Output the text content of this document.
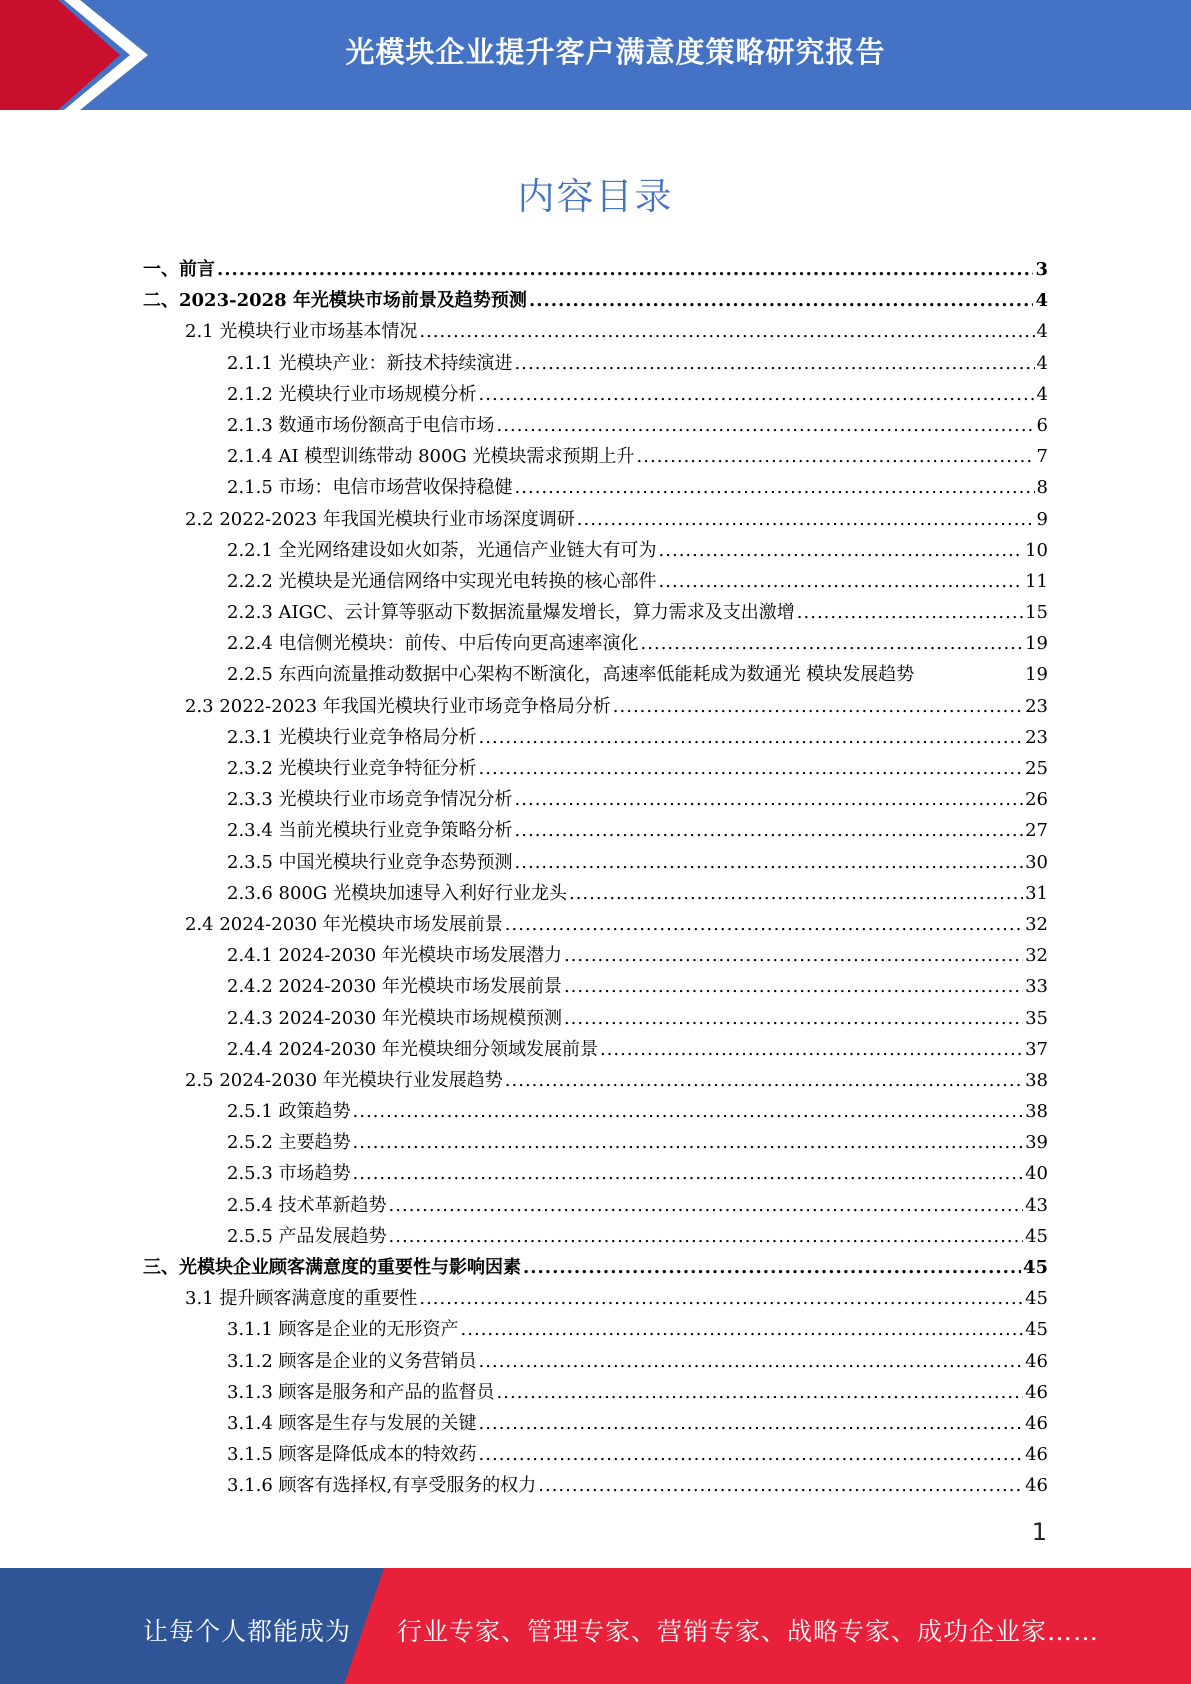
光模块企业提升客户满意度策略研究报告
内容目录
一、前言 .....	3
二、2023-2028 年光模块市场前景及趋势预测 .....	4
2.1 光模块行业市场基本情况 .....	4
2.1.1 光模块产业：新技术持续演进 .....	4
2.1.2 光模块行业市场规模分析 .....	4
2.1.3 数通市场份额高于电信市场 .....	6
2.1.4 AI 模型训练带动 800G 光模块需求预期上升 .....	7
2.1.5 市场：电信市场营收保持稳健 .....	8
2.2 2022-2023 年我国光模块行业市场深度调研 .....	9
2.2.1 全光网络建设如火如荼，光通信产业链大有可为 .....	10
2.2.2 光模块是光通信网络中实现光电转换的核心部件 .....	11
2.2.3 AIGC、云计算等驱动下数据流量爆发增长，算力需求及支出激增 .....	15
2.2.4 电信侧光模块：前传、中后传向更高速率演化 .....	19
2.2.5 东西向流量推动数据中心架构不断演化，高速率低能耗成为数通光 模块发展趋势	19
2.3 2022-2023 年我国光模块行业市场竞争格局分析 .....	23
2.3.1 光模块行业竞争格局分析 .....	23
2.3.2 光模块行业竞争特征分析 .....	25
2.3.3 光模块行业市场竞争情况分析 .....	26
2.3.4 当前光模块行业竞争策略分析 .....	27
2.3.5 中国光模块行业竞争态势预测 .....	30
2.3.6 800G 光模块加速导入利好行业龙头 .....	31
2.4 2024-2030 年光模块市场发展前景 .....	32
2.4.1 2024-2030 年光模块市场发展潜力 .....	32
2.4.2 2024-2030 年光模块市场发展前景 .....	33
2.4.3 2024-2030 年光模块市场规模预测 .....	35
2.4.4 2024-2030 年光模块细分领域发展前景 .....	37
2.5 2024-2030 年光模块行业发展趋势 .....	38
2.5.1 政策趋势 .....	38
2.5.2 主要趋势 .....	39
2.5.3 市场趋势 .....	40
2.5.4 技术革新趋势 .....	43
2.5.5 产品发展趋势 .....	45
三、光模块企业顾客满意度的重要性与影响因素 .....	45
3.1 提升顾客满意度的重要性 .....	45
3.1.1 顾客是企业的无形资产 .....	45
3.1.2 顾客是企业的义务营销员 .....	46
3.1.3 顾客是服务和产品的监督员 .....	46
3.1.4 顾客是生存与发展的关键 .....	46
3.1.5 顾客是降低成本的特效药 .....	46
3.1.6 顾客有选择权,有享受服务的权力 .....	46
1
让每个人都能成为 行业专家、管理专家、营销专家、战略专家、成功企业家……
